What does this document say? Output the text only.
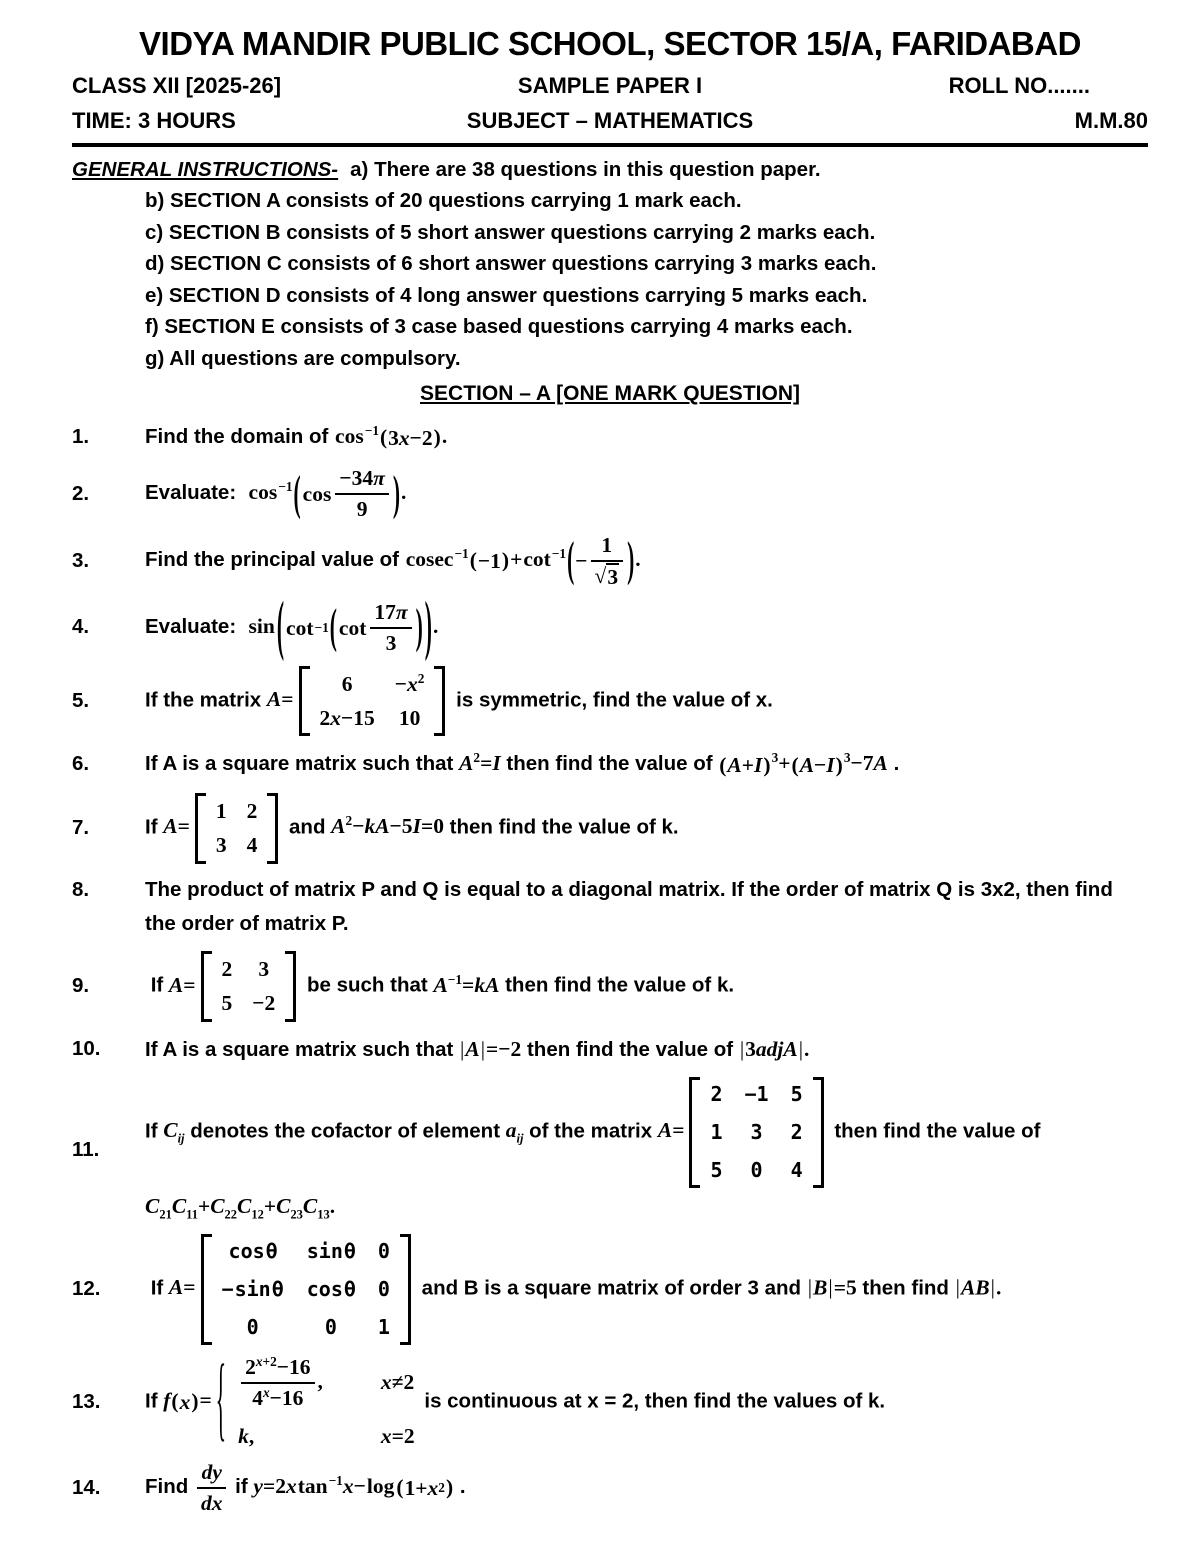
VIDYA MANDIR PUBLIC SCHOOL, SECTOR 15/A, FARIDABAD
CLASS XII [2025-26]	SAMPLE PAPER I	ROLL NO.......
TIME: 3 HOURS	SUBJECT – MATHEMATICS	M.M.80
GENERAL INSTRUCTIONS- a) There are 38 questions in this question paper.
b) SECTION A consists of 20 questions carrying 1 mark each.
c) SECTION B consists of 5 short answer questions carrying 2 marks each.
d) SECTION C consists of 6 short answer questions carrying 3 marks each.
e) SECTION D consists of 4 long answer questions carrying 5 marks each.
f) SECTION E consists of 3 case based questions carrying 4 marks each.
g) All questions are compulsory.
SECTION – A [ONE MARK QUESTION]
1.	Find the domain of $\cos^{-1}$ ( 3x−2 ) .
2.	Evaluate:  $\cos^{-1}$ ( $\cos \frac{-34\pi}{9}$ ) .
3.	Find the principal value of cosec$^{-1}$ ( −1 ) $+\cot^{-1}$ ( − $\frac{1}{√ 3}$ ) .
4.	Evaluate:  sin ( cot −1 ( $\cot \frac{17\pi}{3}$ ) ) .
5.	If the matrix A=
6	$-x^2$
2x−15 10
is symmetric, find the value of x.
6.	If A is a square matrix such that $A^2=I$ then find the value of ( A+I ) $^3$+ ( A−I ) $^3$−7A .
7.	If A=
1 2
3 4
and $A^2-kA-5I=0$ then find the value of k.
8.	The product of matrix P and Q is equal to a diagonal matrix. If the order of matrix Q is 3x2, then find the order of matrix P.
9.	If A=
2 3
5 −2
be such that $A^{-1}=kA$ then find the value of k.
10.	If A is a square matrix such that |A|=−2 then find the value of |3adjA|.
11.
If $C_{ij}$ denotes the cofactor of element $a_{ij}$ of the matrix A=
2 −1 5
1	3	2
5	0	4
then find the value of
$C_{21}C_{11}+C_{22}C_{12}+C_{23}C_{13}$.
12.	If A=
cosθ	sinθ 0
−sinθ cosθ 0
0	0	1
and B is a square matrix of order 3 and |B|=5 then find |AB|.
13.	If f ( x ) = { $\frac{2^{x+2}-16}{4^x-16}$ ,	x≠2
k,	x=2
is continuous at x = 2, then find the values of k.
14.	Find $\frac{dy}{dx}$ if y=2xtan$^{-1}$x−log ( 1+x 2 ) .
